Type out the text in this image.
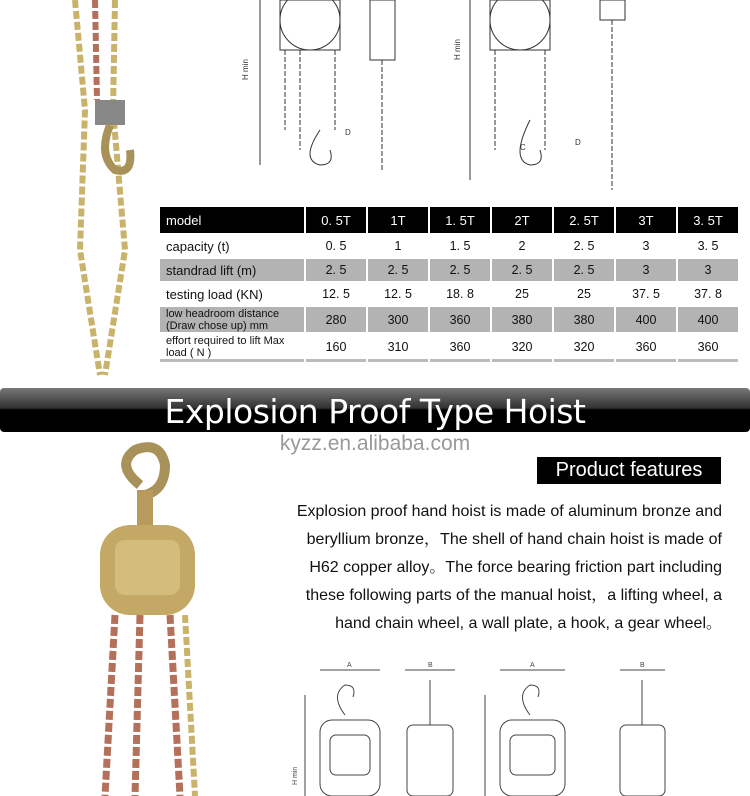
H min
D
H min
C
D
model	0. 5T	1T	1. 5T	2T	2. 5T	3T	3. 5T
capacity (t)	0. 5	1	1. 5	2	2. 5	3	3. 5
standrad lift (m)	2. 5	2. 5	2. 5	2. 5	2. 5	3	3
testing load (KN)	12. 5	12. 5	18. 8	25	25	37. 5	37. 8
low headroom distance (Draw chose up) mm	280	300	360	380	380	400	400
effort required to lift Max load ( N )	160	310	360	320	320	360	360
Explosion Proof Type Hoist
kyzz.en.alibaba.com
Product features
Explosion proof hand hoist is made of aluminum bronze and
beryllium bronze，The shell of hand chain hoist is made of
H62 copper alloy。The force bearing friction part including
these following parts of the manual hoist，a lifting wheel, a
hand chain wheel, a wall plate, a hook, a gear wheel。
A
H min
B	A	B
